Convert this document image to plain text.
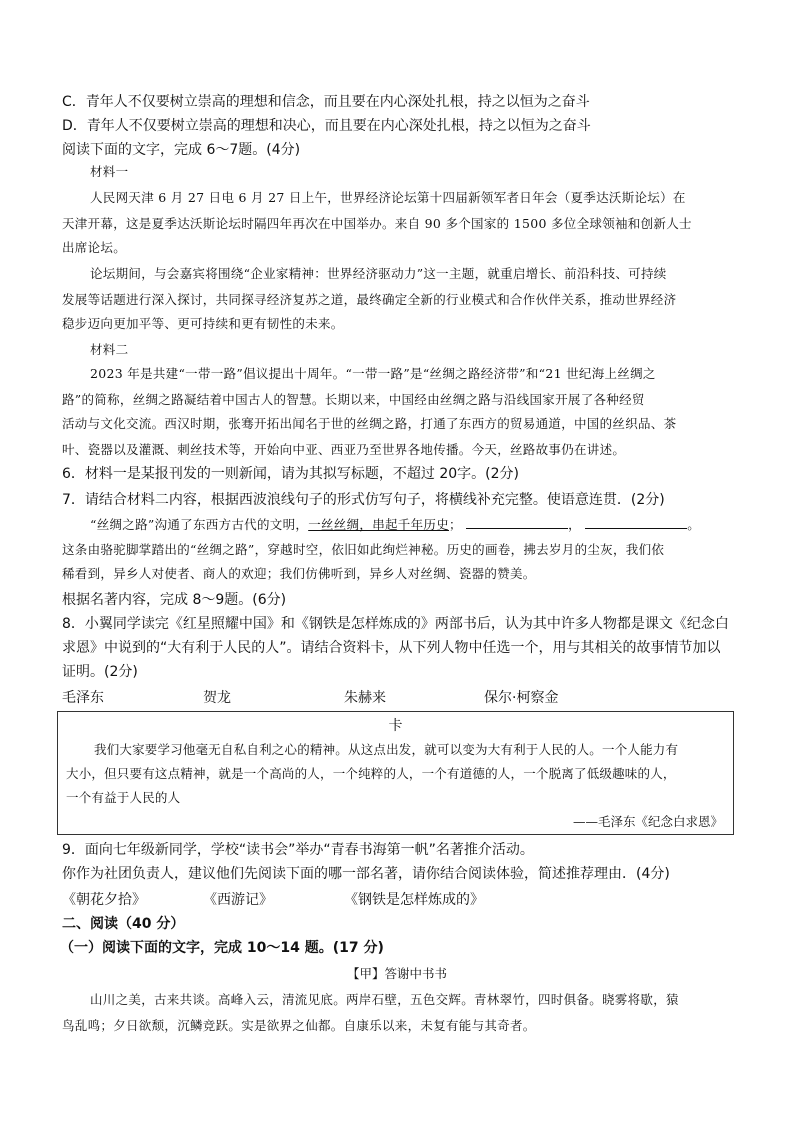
C．青年人不仅要树立崇高的理想和信念，而且要在内心深处扎根，持之以恒为之奋斗
D．青年人不仅要树立崇高的理想和决心，而且要在内心深处扎根，持之以恒为之奋斗
阅读下面的文字，完成 6～7题。(4分)
材料一
人民网天津 6 月 27 日电 6 月 27 日上午，世界经济论坛第十四届新领军者日年会（夏季达沃斯论坛）在
天津开幕，这是夏季达沃斯论坛时隔四年再次在中国举办。来自 90 多个国家的 1500 多位全球领袖和创新人士
出席论坛。
论坛期间，与会嘉宾将围绕“企业家精神：世界经济驱动力”这一主题，就重启增长、前沿科技、可持续
发展等话题进行深入探讨，共同探寻经济复苏之道，最终确定全新的行业模式和合作伙伴关系，推动世界经济
稳步迈向更加平等、更可持续和更有韧性的未来。
材料二
2023 年是共建“一带一路”倡议提出十周年。“一带一路”是“丝绸之路经济带”和“21 世纪海上丝绸之
路”的简称，丝绸之路凝结着中国古人的智慧。长期以来，中国经由丝绸之路与沿线国家开展了各种经贸
活动与文化交流。西汉时期，张骞开拓出闻名于世的丝绸之路，打通了东西方的贸易通道，中国的丝织品、茶
叶、瓷器以及灌溉、刺丝技术等，开始向中亚、西亚乃至世界各地传播。今天，丝路故事仍在讲述。
6．材料一是某报刊发的一则新闻，请为其拟写标题，不超过 20字。(2分)
7．请结合材料二内容，根据西波浪线句子的形式仿写句子，将横线补充完整。使语意连贯．(2分)
“丝绸之路”沟通了东西方古代的文明，一丝丝绸，串起千年历史；	，	。
这条由骆驼脚掌踏出的“丝绸之路”，穿越时空，依旧如此绚烂神秘。历史的画卷，拂去岁月的尘灰，我们依
稀看到，异乡人对使者、商人的欢迎；我们仿佛听到，异乡人对丝绸、瓷器的赞美。
根据名著内容，完成 8～9题。(6分)
8．小翼同学读完《红星照耀中国》和《钢铁是怎样炼成的》两部书后，认为其中许多人物都是课文《纪念白
求恩》中说到的“大有利于人民的人”。请结合资料卡，从下列人物中任选一个，用与其相关的故事情节加以
证明。(2分)
毛泽东	贺龙	朱赫来	保尔·柯察金
卡
我们大家要学习他毫无自私自利之心的精神。从这点出发，就可以变为大有利于人民的人。一个人能力有
大小，但只要有这点精神，就是一个高尚的人，一个纯粹的人，一个有道德的人，一个脱离了低级趣味的人，
一个有益于人民的人
——毛泽东《纪念白求恩》
9．面向七年级新同学，学校“读书会”举办“青春书海第一帆”名著推介活动。
你作为社团负责人，建议他们先阅读下面的哪一部名著，请你结合阅读体验，简述推荐理由．(4分)
《朝花夕拾》	《西游记》	《钢铁是怎样炼成的》
二、阅读（40 分）
（一）阅读下面的文字，完成 10～14 题。(17 分)
【甲】答谢中书书
山川之美，古来共谈。高峰入云，清流见底。两岸石壁，五色交辉。青林翠竹，四时俱备。晓雾将歇，猿
鸟乱鸣；夕日欲颓，沉鳞竞跃。实是欲界之仙都。自康乐以来，未复有能与其奇者。
